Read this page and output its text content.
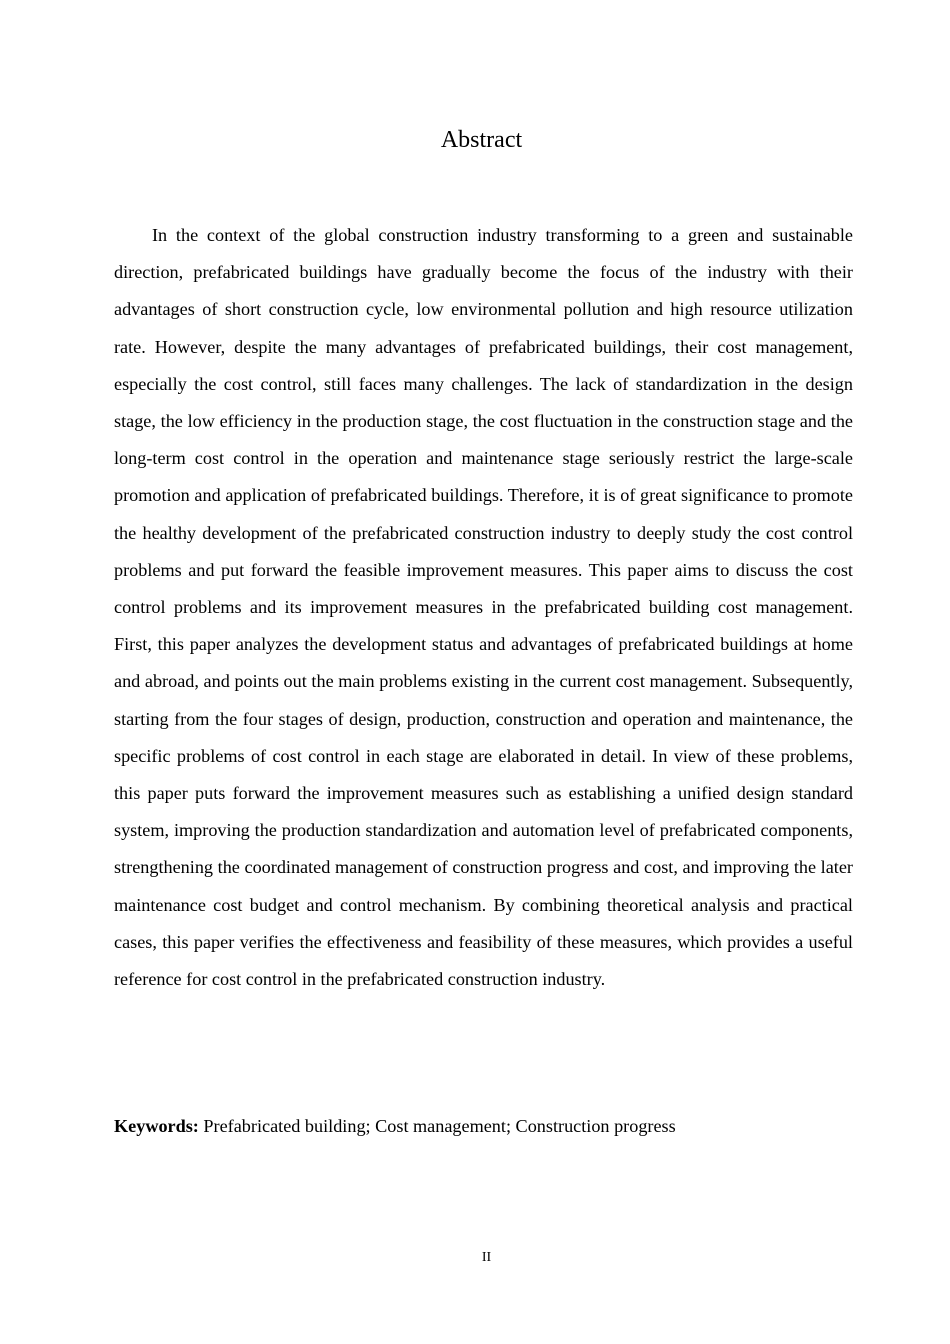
Abstract

In the context of the global construction industry transforming to a green and sustainable direction, prefabricated buildings have gradually become the focus of the industry with their advantages of short construction cycle, low environmental pollution and high resource utilization rate. However, despite the many advantages of prefabricated buildings, their cost management, especially the cost control, still faces many challenges. The lack of standardization in the design stage, the low efficiency in the production stage, the cost fluctuation in the construction stage and the long-term cost control in the operation and maintenance stage seriously restrict the large-scale promotion and application of prefabricated buildings. Therefore, it is of great significance to promote the healthy development of the prefabricated construction industry to deeply study the cost control problems and put forward the feasible improvement measures. This paper aims to discuss the cost control problems and its improvement measures in the prefabricated building cost management. First, this paper analyzes the development status and advantages of prefabricated buildings at home and abroad, and points out the main problems existing in the current cost management. Subsequently, starting from the four stages of design, production, construction and operation and maintenance, the specific problems of cost control in each stage are elaborated in detail. In view of these problems, this paper puts forward the improvement measures such as establishing a unified design standard system, improving the production standardization and automation level of prefabricated components, strengthening the coordinated management of construction progress and cost, and improving the later maintenance cost budget and control mechanism. By combining theoretical analysis and practical cases, this paper verifies the effectiveness and feasibility of these measures, which provides a useful reference for cost control in the prefabricated construction industry.

Keywords: Prefabricated building; Cost management; Construction progress

II
